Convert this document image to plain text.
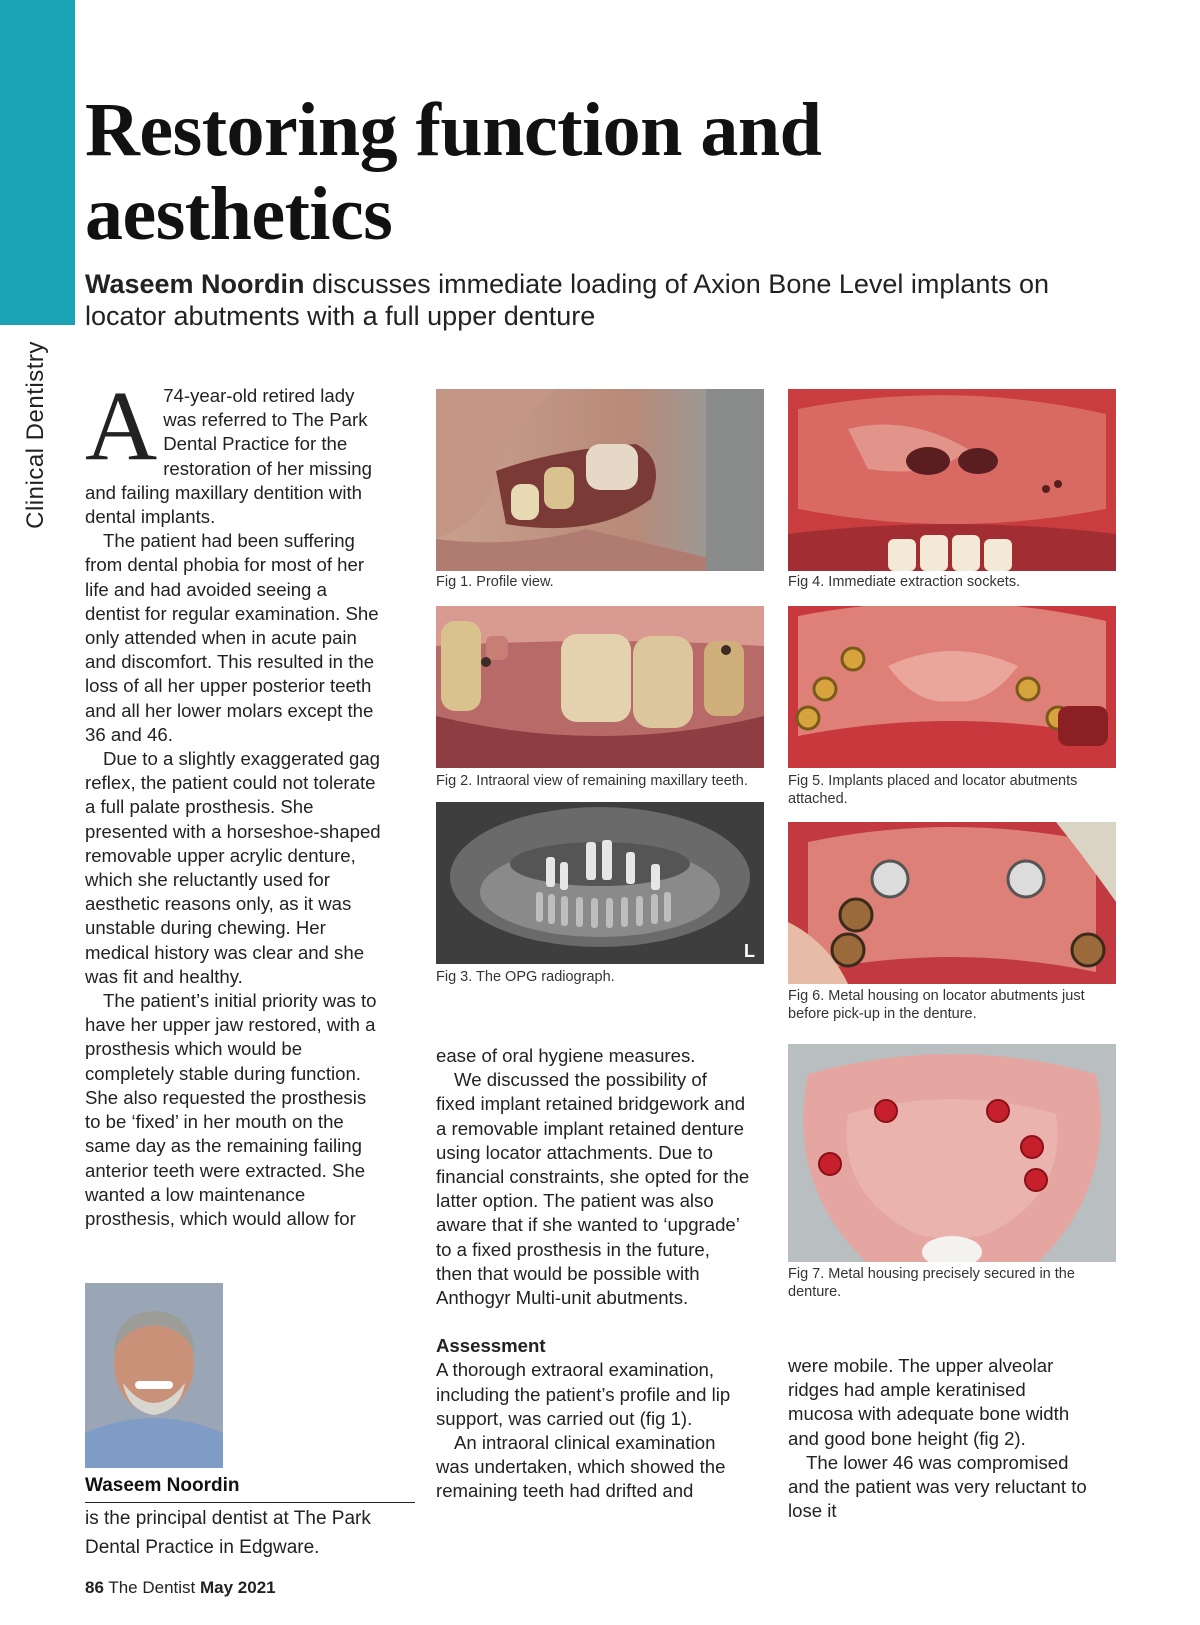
Clinical Dentistry
Restoring function and aesthetics

Waseem Noordin discusses immediate loading of Axion Bone Level implants on locator abutments with a full upper denture

A 74-year-old retired lady was referred to The Park Dental Practice for the restoration of her missing and failing maxillary dentition with dental implants.

The patient had been suffering from dental phobia for most of her life and had avoided seeing a dentist for regular examination. She only attended when in acute pain and discomfort. This resulted in the loss of all her upper posterior teeth and all her lower molars except the 36 and 46.

Due to a slightly exaggerated gag reflex, the patient could not tolerate a full palate prosthesis. She presented with a horseshoe-shaped removable upper acrylic denture, which she reluctantly used for aesthetic reasons only, as it was unstable during chewing. Her medical history was clear and she was fit and healthy.

The patient’s initial priority was to have her upper jaw restored, with a prosthesis which would be completely stable during function. She also requested the prosthesis to be ‘fixed’ in her mouth on the same day as the remaining failing anterior teeth were extracted. She wanted a low maintenance prosthesis, which would allow for

ease of oral hygiene measures.

We discussed the possibility of fixed implant retained bridgework and a removable implant retained denture using locator attachments. Due to financial constraints, she opted for the latter option. The patient was also aware that if she wanted to ‘upgrade’ to a fixed prosthesis in the future, then that would be possible with Anthogyr Multi-unit abutments.

Assessment

A thorough extraoral examination, including the patient’s profile and lip support, was carried out (fig 1).

An intraoral clinical examination was undertaken, which showed the remaining teeth had drifted and

were mobile. The upper alveolar ridges had ample keratinised mucosa with adequate bone width and good bone height (fig 2).

The lower 46 was compromised and the patient was very reluctant to lose it

Fig 1. Profile view.
Fig 2. Intraoral view of remaining maxillary teeth.
L
Fig 3. The OPG radiograph.
Fig 4. Immediate extraction sockets.
Fig 5. Implants placed and locator abutments attached.
Fig 6. Metal housing on locator abutments just before pick-up in the denture.
Fig 7. Metal housing precisely secured in the denture.
Waseem Noordin
is the principal dentist at The Park Dental Practice in Edgware.
86 The Dentist May 2021
